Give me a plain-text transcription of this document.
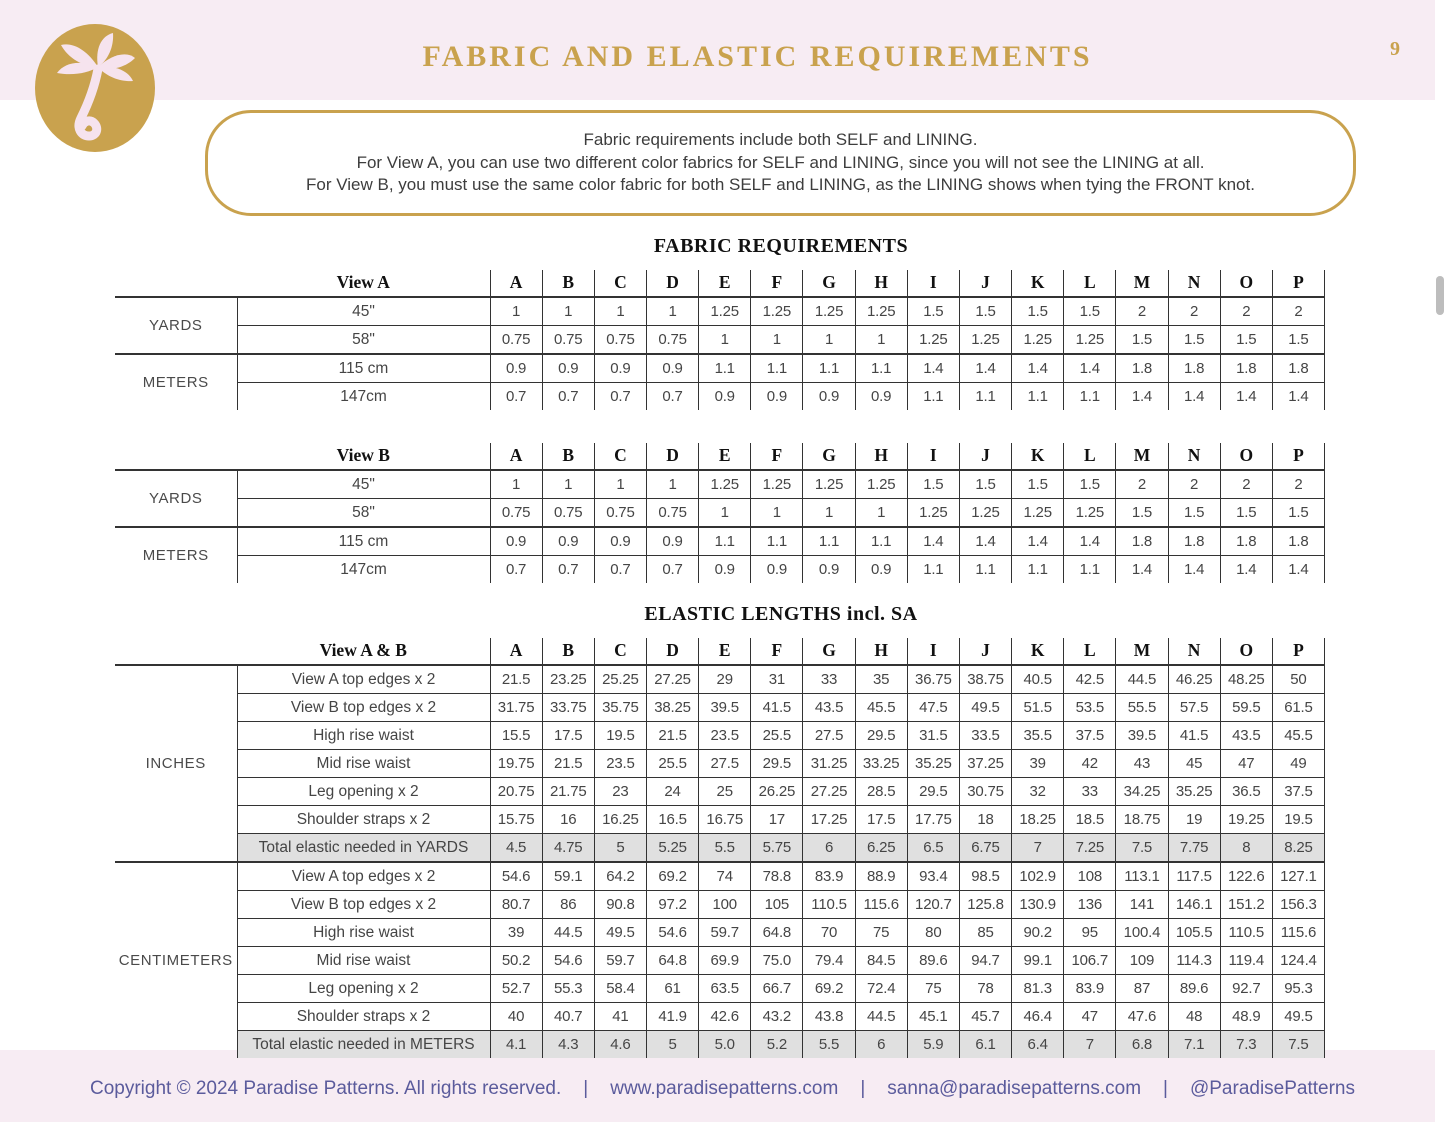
FABRIC AND ELASTIC REQUIREMENTS	9
Fabric requirements include both SELF and LINING.
For View A, you can use two different color fabrics for SELF and LINING, since you will not see the LINING at all.
For View B, you must use the same color fabric for both SELF and LINING, as the LINING shows when tying the FRONT knot.
FABRIC REQUIREMENTS
	View A	A	B	C	D	E	F	G	H	I	J	K	L	M	N	O	P
YARDS	45"	1	1	1	1	1.25	1.25	1.25	1.25	1.5	1.5	1.5	1.5	2	2	2	2
	58"	0.75	0.75	0.75	0.75	1	1	1	1	1.25	1.25	1.25	1.25	1.5	1.5	1.5	1.5
METERS	115 cm	0.9	0.9	0.9	0.9	1.1	1.1	1.1	1.1	1.4	1.4	1.4	1.4	1.8	1.8	1.8	1.8
	147cm	0.7	0.7	0.7	0.7	0.9	0.9	0.9	0.9	1.1	1.1	1.1	1.1	1.4	1.4	1.4	1.4
	View B	A	B	C	D	E	F	G	H	I	J	K	L	M	N	O	P
YARDS	45"	1	1	1	1	1.25	1.25	1.25	1.25	1.5	1.5	1.5	1.5	2	2	2	2
	58"	0.75	0.75	0.75	0.75	1	1	1	1	1.25	1.25	1.25	1.25	1.5	1.5	1.5	1.5
METERS	115 cm	0.9	0.9	0.9	0.9	1.1	1.1	1.1	1.1	1.4	1.4	1.4	1.4	1.8	1.8	1.8	1.8
	147cm	0.7	0.7	0.7	0.7	0.9	0.9	0.9	0.9	1.1	1.1	1.1	1.1	1.4	1.4	1.4	1.4
ELASTIC LENGTHS incl. SA
	View A & B	A	B	C	D	E	F	G	H	I	J	K	L	M	N	O	P
INCHES	View A top edges x 2	21.5	23.25	25.25	27.25	29	31	33	35	36.75	38.75	40.5	42.5	44.5	46.25	48.25	50
	View B top edges x 2	31.75	33.75	35.75	38.25	39.5	41.5	43.5	45.5	47.5	49.5	51.5	53.5	55.5	57.5	59.5	61.5
	High rise waist	15.5	17.5	19.5	21.5	23.5	25.5	27.5	29.5	31.5	33.5	35.5	37.5	39.5	41.5	43.5	45.5
	Mid rise waist	19.75	21.5	23.5	25.5	27.5	29.5	31.25	33.25	35.25	37.25	39	42	43	45	47	49
	Leg opening x 2	20.75	21.75	23	24	25	26.25	27.25	28.5	29.5	30.75	32	33	34.25	35.25	36.5	37.5
	Shoulder straps x 2	15.75	16	16.25	16.5	16.75	17	17.25	17.5	17.75	18	18.25	18.5	18.75	19	19.25	19.5
	Total elastic needed in YARDS	4.5	4.75	5	5.25	5.5	5.75	6	6.25	6.5	6.75	7	7.25	7.5	7.75	8	8.25
CENTIMETERS	View A top edges x 2	54.6	59.1	64.2	69.2	74	78.8	83.9	88.9	93.4	98.5	102.9	108	113.1	117.5	122.6	127.1
	View B top edges x 2	80.7	86	90.8	97.2	100	105	110.5	115.6	120.7	125.8	130.9	136	141	146.1	151.2	156.3
	High rise waist	39	44.5	49.5	54.6	59.7	64.8	70	75	80	85	90.2	95	100.4	105.5	110.5	115.6
	Mid rise waist	50.2	54.6	59.7	64.8	69.9	75.0	79.4	84.5	89.6	94.7	99.1	106.7	109	114.3	119.4	124.4
	Leg opening x 2	52.7	55.3	58.4	61	63.5	66.7	69.2	72.4	75	78	81.3	83.9	87	89.6	92.7	95.3
	Shoulder straps x 2	40	40.7	41	41.9	42.6	43.2	43.8	44.5	45.1	45.7	46.4	47	47.6	48	48.9	49.5
	Total elastic needed in METERS	4.1	4.3	4.6	5	5.0	5.2	5.5	6	5.9	6.1	6.4	7	6.8	7.1	7.3	7.5
Copyright © 2024 Paradise Patterns. All rights reserved. | www.paradisepatterns.com | sanna@paradisepatterns.com | @ParadisePatterns
